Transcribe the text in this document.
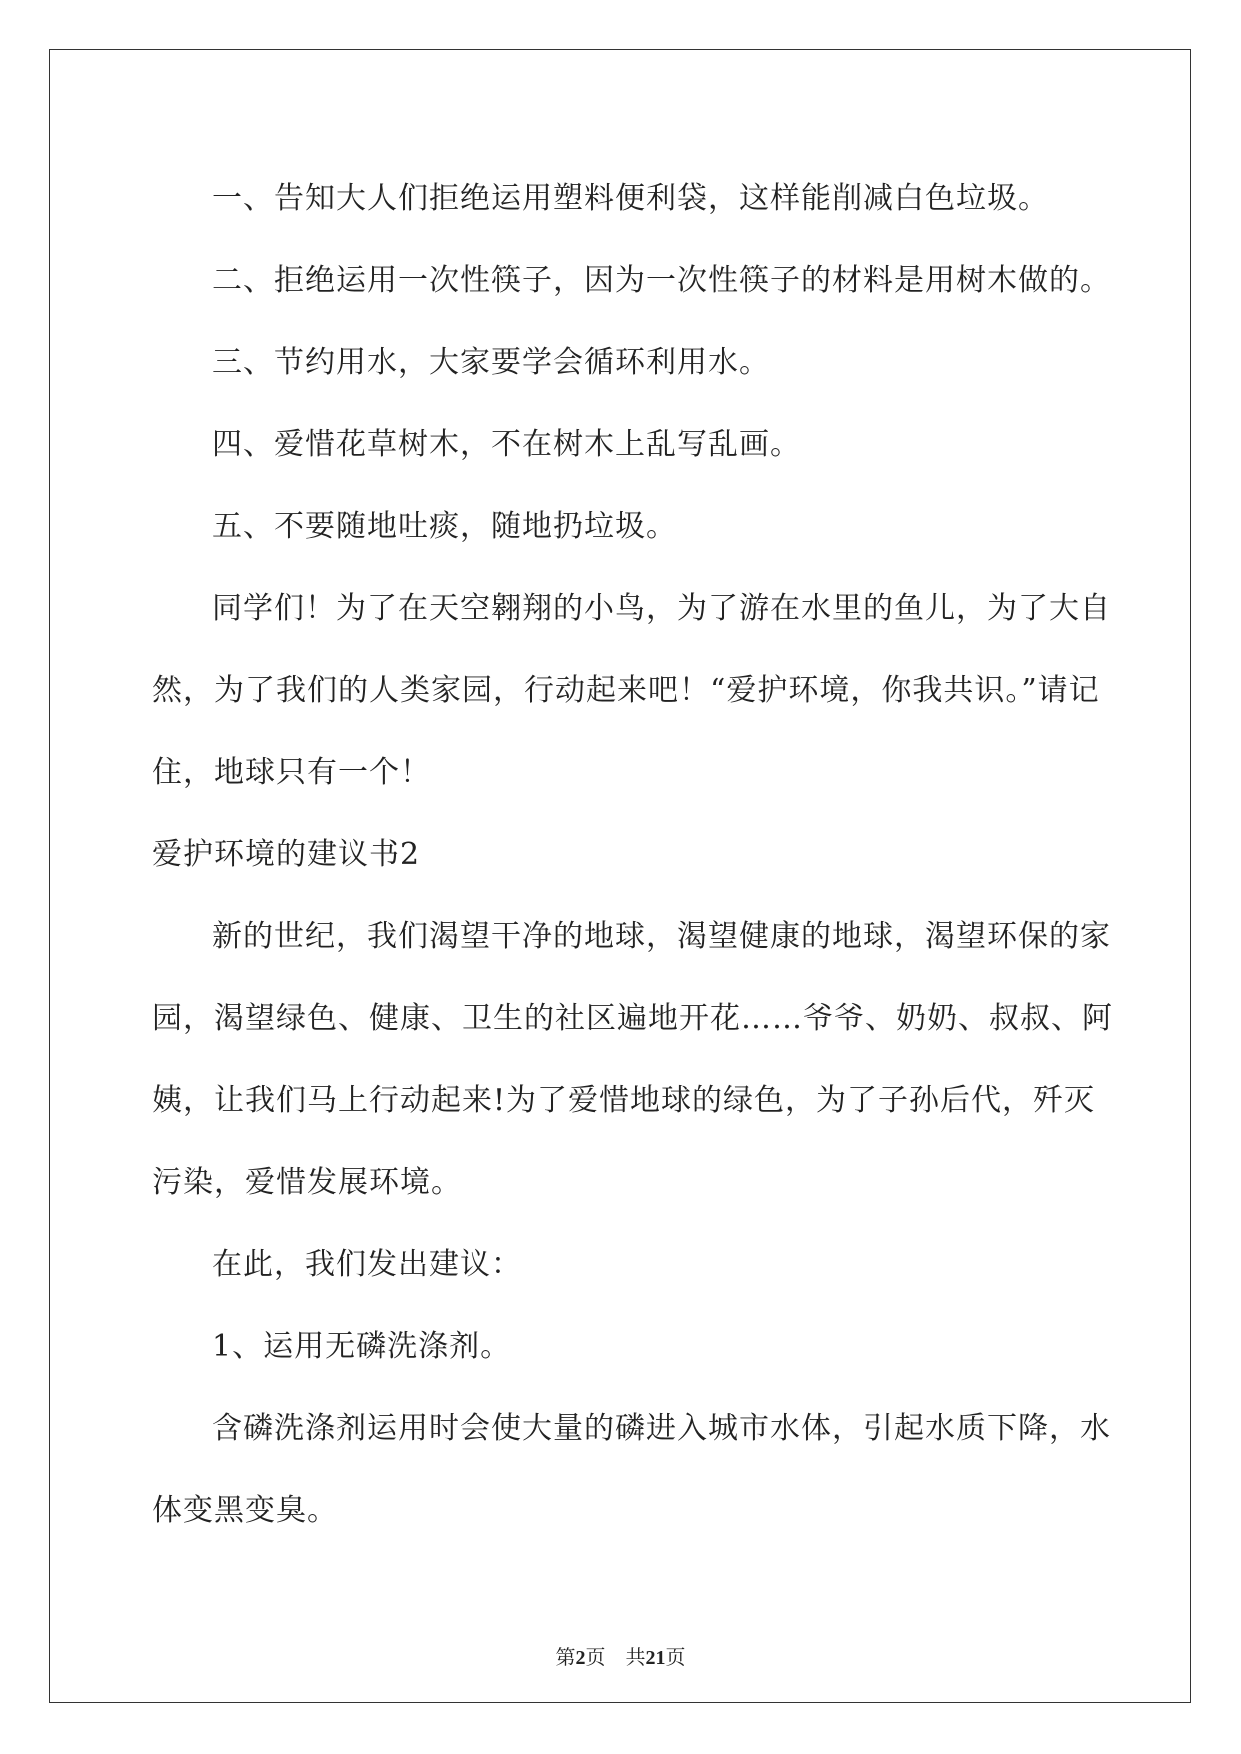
一、告知大人们拒绝运用塑料便利袋，这样能削减白色垃圾。

二、拒绝运用一次性筷子，因为一次性筷子的材料是用树木做的。

三、节约用水，大家要学会循环利用水。

四、爱惜花草树木，不在树木上乱写乱画。

五、不要随地吐痰，随地扔垃圾。

同学们！为了在天空翱翔的小鸟，为了游在水里的鱼儿，为了大自然，为了我们的人类家园，行动起来吧！“爱护环境，你我共识。”请记住，地球只有一个！

爱护环境的建议书2

新的世纪，我们渴望干净的地球，渴望健康的地球，渴望环保的家园，渴望绿色、健康、卫生的社区遍地开花……爷爷、奶奶、叔叔、阿姨，让我们马上行动起来!为了爱惜地球的绿色，为了子孙后代，歼灭污染，爱惜发展环境。

在此，我们发出建议：

1、运用无磷洗涤剂。

含磷洗涤剂运用时会使大量的磷进入城市水体，引起水质下降，水体变黑变臭。

第2页 共21页
